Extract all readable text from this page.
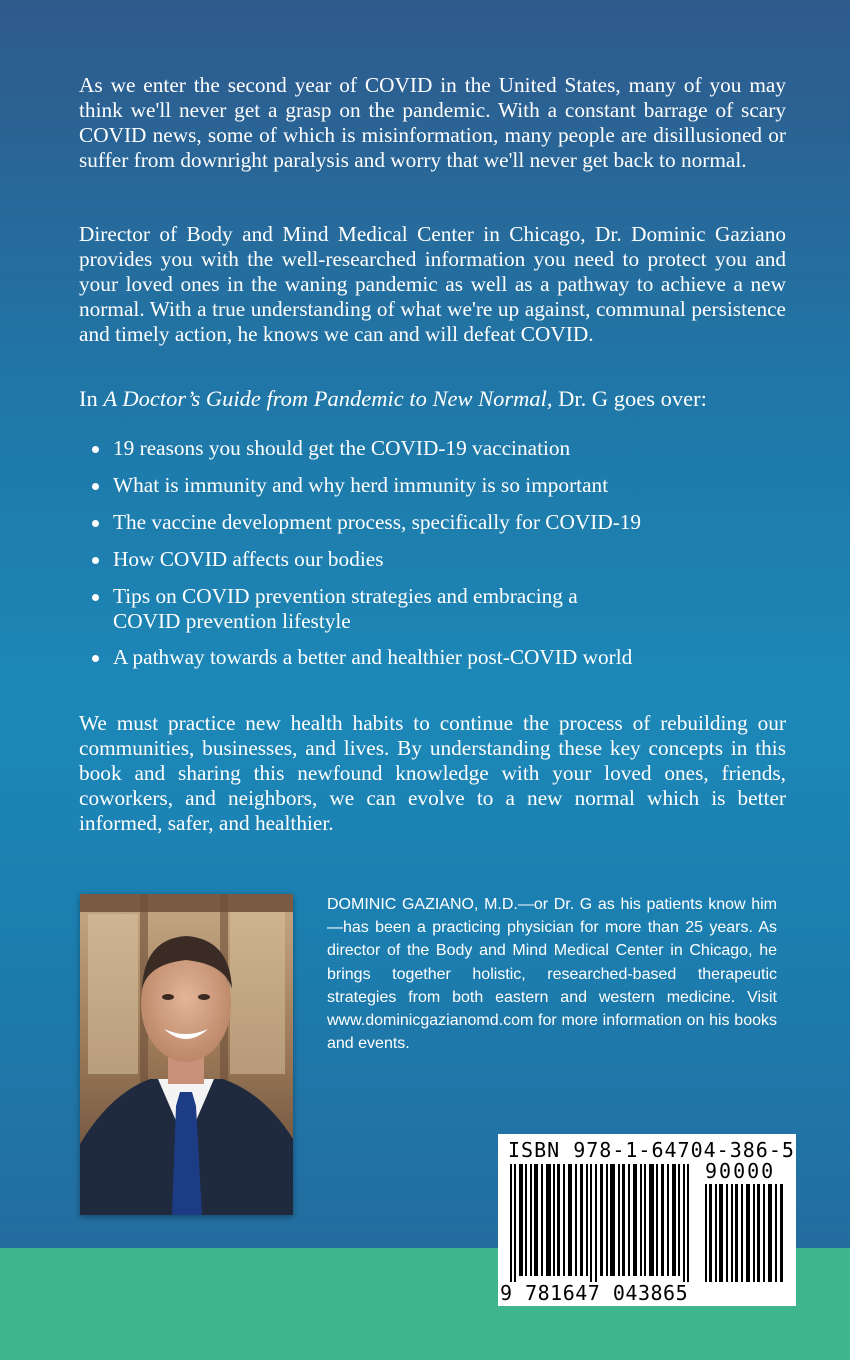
As we enter the second year of COVID in the United States, many of you may think we'll never get a grasp on the pandemic. With a constant barrage of scary COVID news, some of which is misinformation, many people are disillusioned or suffer from downright paralysis and worry that we'll never get back to normal.

Director of Body and Mind Medical Center in Chicago, Dr. Dominic Gaziano provides you with the well-researched information you need to protect you and your loved ones in the waning pandemic as well as a pathway to achieve a new normal. With a true understanding of what we're up against, communal persistence and timely action, he knows we can and will defeat COVID.

In A Doctor’s Guide from Pandemic to New Normal, Dr. G goes over:

19 reasons you should get the COVID-19 vaccination
What is immunity and why herd immunity is so important
The vaccine development process, specifically for COVID-19
How COVID affects our bodies
Tips on COVID prevention strategies and embracing a COVID prevention lifestyle
A pathway towards a better and healthier post-COVID world

We must practice new health habits to continue the process of rebuilding our communities, businesses, and lives. By understanding these key concepts in this book and sharing this newfound knowledge with your loved ones, friends, coworkers, and neighbors, we can evolve to a new normal which is better informed, safer, and healthier.

DOMINIC GAZIANO, M.D.—or Dr. G as his patients know him—has been a practicing physician for more than 25 years. As director of the Body and Mind Medical Center in Chicago, he brings together holistic, researched-based therapeutic strategies from both eastern and western medicine. Visit www.dominicgazianomd.com for more information on his books and events.

ISBN 978-1-64704-386-5
90000
9 781647 043865
